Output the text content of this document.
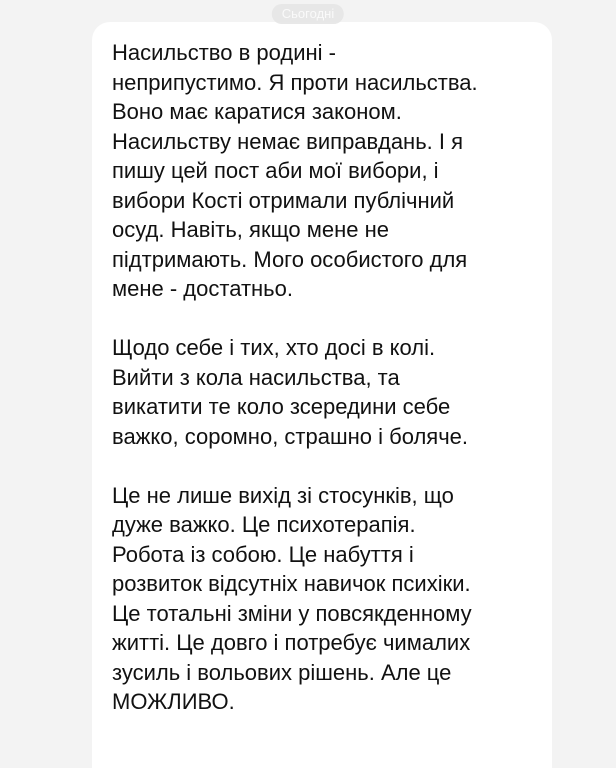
Сьогодні

Насильство в родині -
неприпустимо. Я проти насильства.
Воно має каратися законом.
Насильству немає виправдань. І я
пишу цей пост аби мої вибори, і
вибори Кості отримали публічний
осуд. Навіть, якщо мене не
підтримають. Мого особистого для
мене - достатньо.

Щодо себе і тих, хто досі в колі.
Вийти з кола насильства, та
викатити те коло зсередини себе
важко, соромно, страшно і боляче.

Це не лише вихід зі стосунків, що
дуже важко. Це психотерапія.
Робота із собою. Це набуття і
розвиток відсутніх навичок психіки.
Це тотальні зміни у повсякденному
житті. Це довго і потребує чималих
зусиль і вольових рішень. Але це
МОЖЛИВО.
